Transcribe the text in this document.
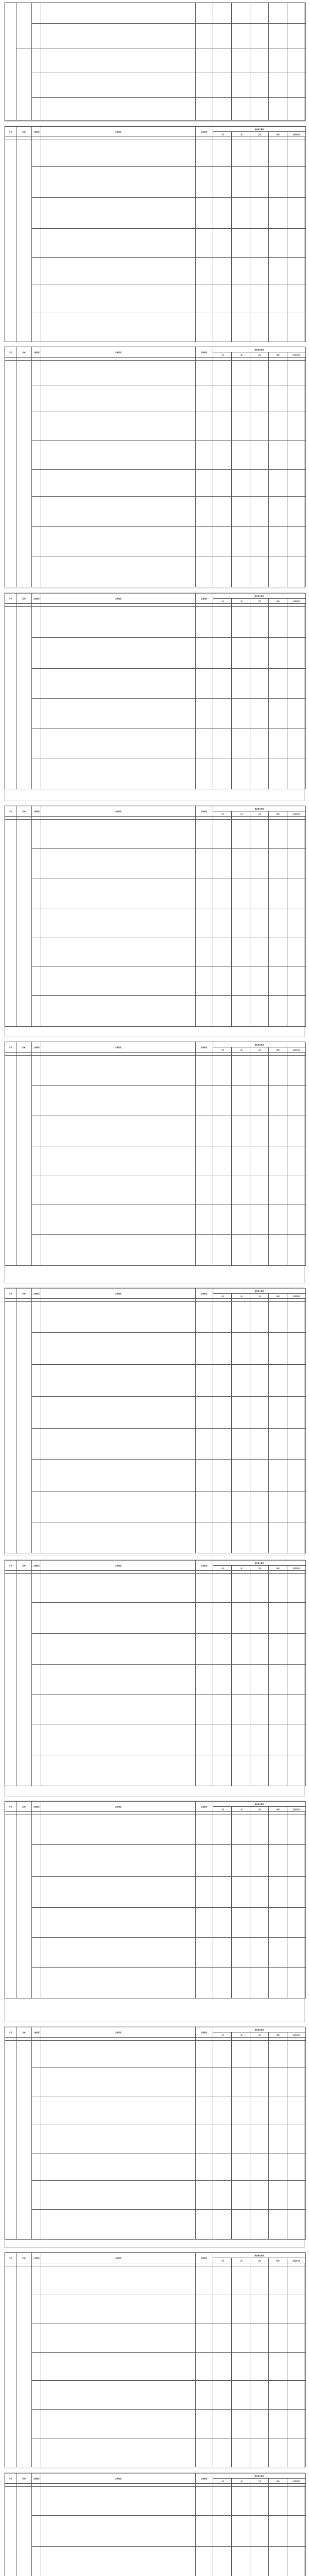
序号	区域	土地级别	区域范围	基准地价	楼层修正系数				
					一层	二层	三层	四层	五层及以上

序号	区域	土地级别	区域范围	基准地价	楼层修正系数				
					一层	二层	三层	四层	五层及以上

序号	区域	土地级别	区域范围	基准地价	楼层修正系数				
					一层	二层	三层	四层	五层及以上

序号	区域	土地级别	区域范围	基准地价	楼层修正系数				
					一层	二层	三层	四层	五层及以上

序号	区域	土地级别	区域范围	基准地价	楼层修正系数				
					一层	二层	三层	四层	五层及以上

序号	区域	土地级别	区域范围	基准地价	楼层修正系数				
					一层	二层	三层	四层	五层及以上

序号	区域	土地级别	区域范围	基准地价	楼层修正系数				
					一层	二层	三层	四层	五层及以上

序号	区域	土地级别	区域范围	基准地价	楼层修正系数				
					一层	二层	三层	四层	五层及以上

序号	区域	土地级别	区域范围	基准地价	楼层修正系数				
					一层	二层	三层	四层	五层及以上

序号	区域	土地级别	区域范围	基准地价	楼层修正系数				
					一层	二层	三层	四层	五层及以上

序号	区域	土地级别	区域范围	基准地价	楼层修正系数				
					一层	二层	三层	四层	五层及以上
